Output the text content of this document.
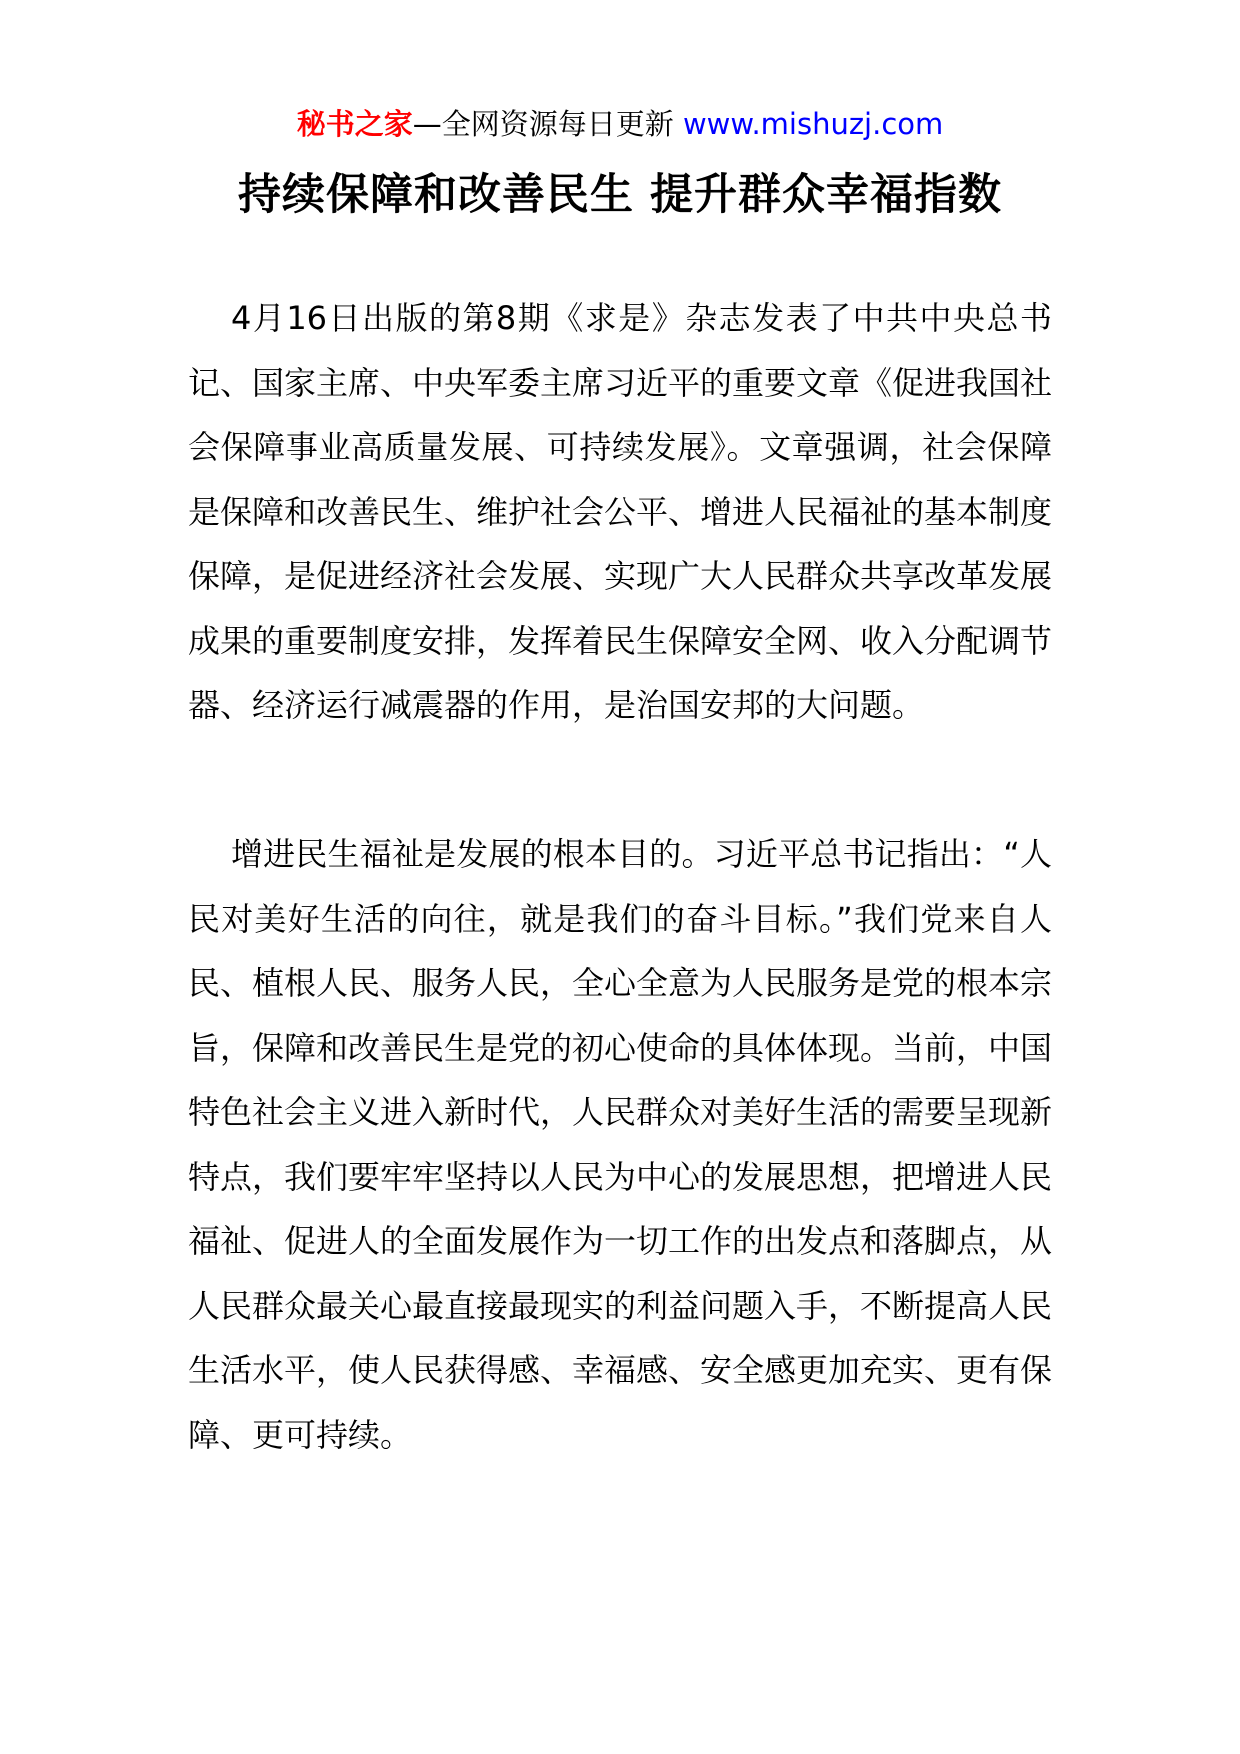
秘书之家—全网资源每日更新 www.mishuzj.com
持续保障和改善民生 提升群众幸福指数

4月16日出版的第8期《求是》杂志发表了中共中央总书记、国家主席、中央军委主席习近平的重要文章《促进我国社会保障事业高质量发展、可持续发展》。文章强调，社会保障是保障和改善民生、维护社会公平、增进人民福祉的基本制度保障，是促进经济社会发展、实现广大人民群众共享改革发展成果的重要制度安排，发挥着民生保障安全网、收入分配调节器、经济运行减震器的作用，是治国安邦的大问题。

增进民生福祉是发展的根本目的。习近平总书记指出：“人民对美好生活的向往，就是我们的奋斗目标。”我们党来自人民、植根人民、服务人民，全心全意为人民服务是党的根本宗旨，保障和改善民生是党的初心使命的具体体现。当前，中国特色社会主义进入新时代，人民群众对美好生活的需要呈现新特点，我们要牢牢坚持以人民为中心的发展思想，把增进人民福祉、促进人的全面发展作为一切工作的出发点和落脚点，从人民群众最关心最直接最现实的利益问题入手，不断提高人民生活水平，使人民获得感、幸福感、安全感更加充实、更有保障、更可持续。
